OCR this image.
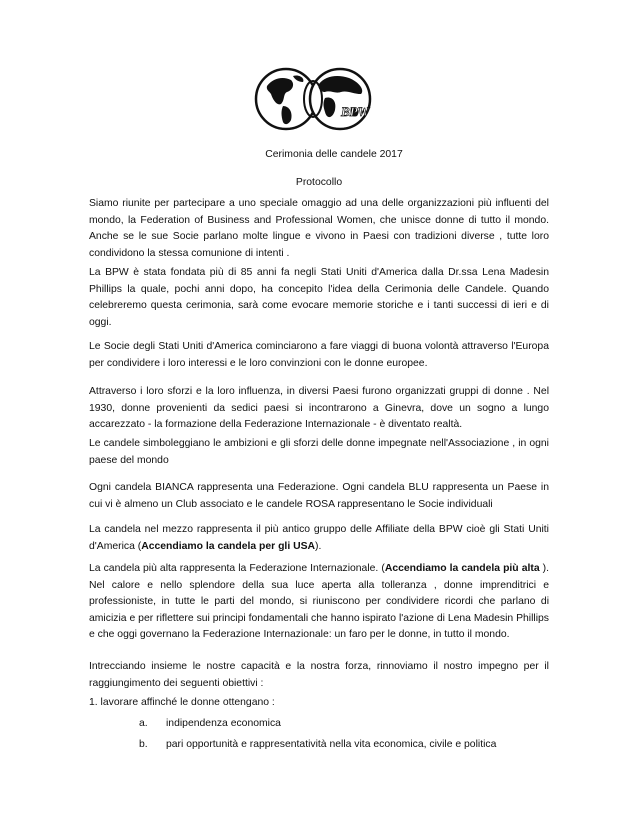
BPW
Cerimonia delle candele 2017
Protocollo

Siamo riunite per partecipare a uno speciale omaggio ad una delle organizzazioni più influenti del mondo, la Federation of Business and Professional Women, che unisce donne di tutto il mondo. Anche se le sue Socie parlano molte lingue e vivono in Paesi con tradizioni diverse , tutte loro condividono la stessa comunione di intenti .

La BPW è stata fondata più di 85 anni fa negli Stati Uniti d'America dalla Dr.ssa Lena Madesin Phillips la quale, pochi anni dopo, ha concepito l'idea della Cerimonia delle Candele. Quando celebreremo questa cerimonia, sarà come evocare memorie storiche e i tanti successi di ieri e di oggi.

Le Socie degli Stati Uniti d'America cominciarono a fare viaggi di buona volontà attraverso l'Europa per condividere i loro interessi e le loro convinzioni con le donne europee.

Attraverso i loro sforzi e la loro influenza, in diversi Paesi furono organizzati gruppi di donne . Nel 1930, donne provenienti da sedici paesi si incontrarono a Ginevra, dove un sogno a lungo accarezzato - la formazione della Federazione Internazionale - è diventato realtà.

Le candele simboleggiano le ambizioni e gli sforzi delle donne impegnate nell'Associazione , in ogni paese del mondo

Ogni candela BIANCA rappresenta una Federazione. Ogni candela BLU rappresenta un Paese in cui vi è almeno un Club associato e le candele ROSA rappresentano le Socie individuali

La candela nel mezzo rappresenta il più antico gruppo delle Affiliate della BPW cioè gli Stati Uniti d'America (Accendiamo la candela per gli USA).

La candela più alta rappresenta la Federazione Internazionale. (Accendiamo la candela più alta ). Nel calore e nello splendore della sua luce aperta alla tolleranza , donne imprenditrici e professioniste, in tutte le parti del mondo, si riuniscono per condividere ricordi che parlano di amicizia e per riflettere sui principi fondamentali che hanno ispirato l'azione di Lena Madesin Phillips e che oggi governano la Federazione Internazionale: un faro per le donne, in tutto il mondo.

Intrecciando insieme le nostre capacità e la nostra forza, rinnoviamo il nostro impegno per il raggiungimento dei seguenti obiettivi :

1. lavorare affinché le donne ottengano :
a. indipendenza economica
b. pari opportunità e rappresentatività nella vita economica, civile e politica
